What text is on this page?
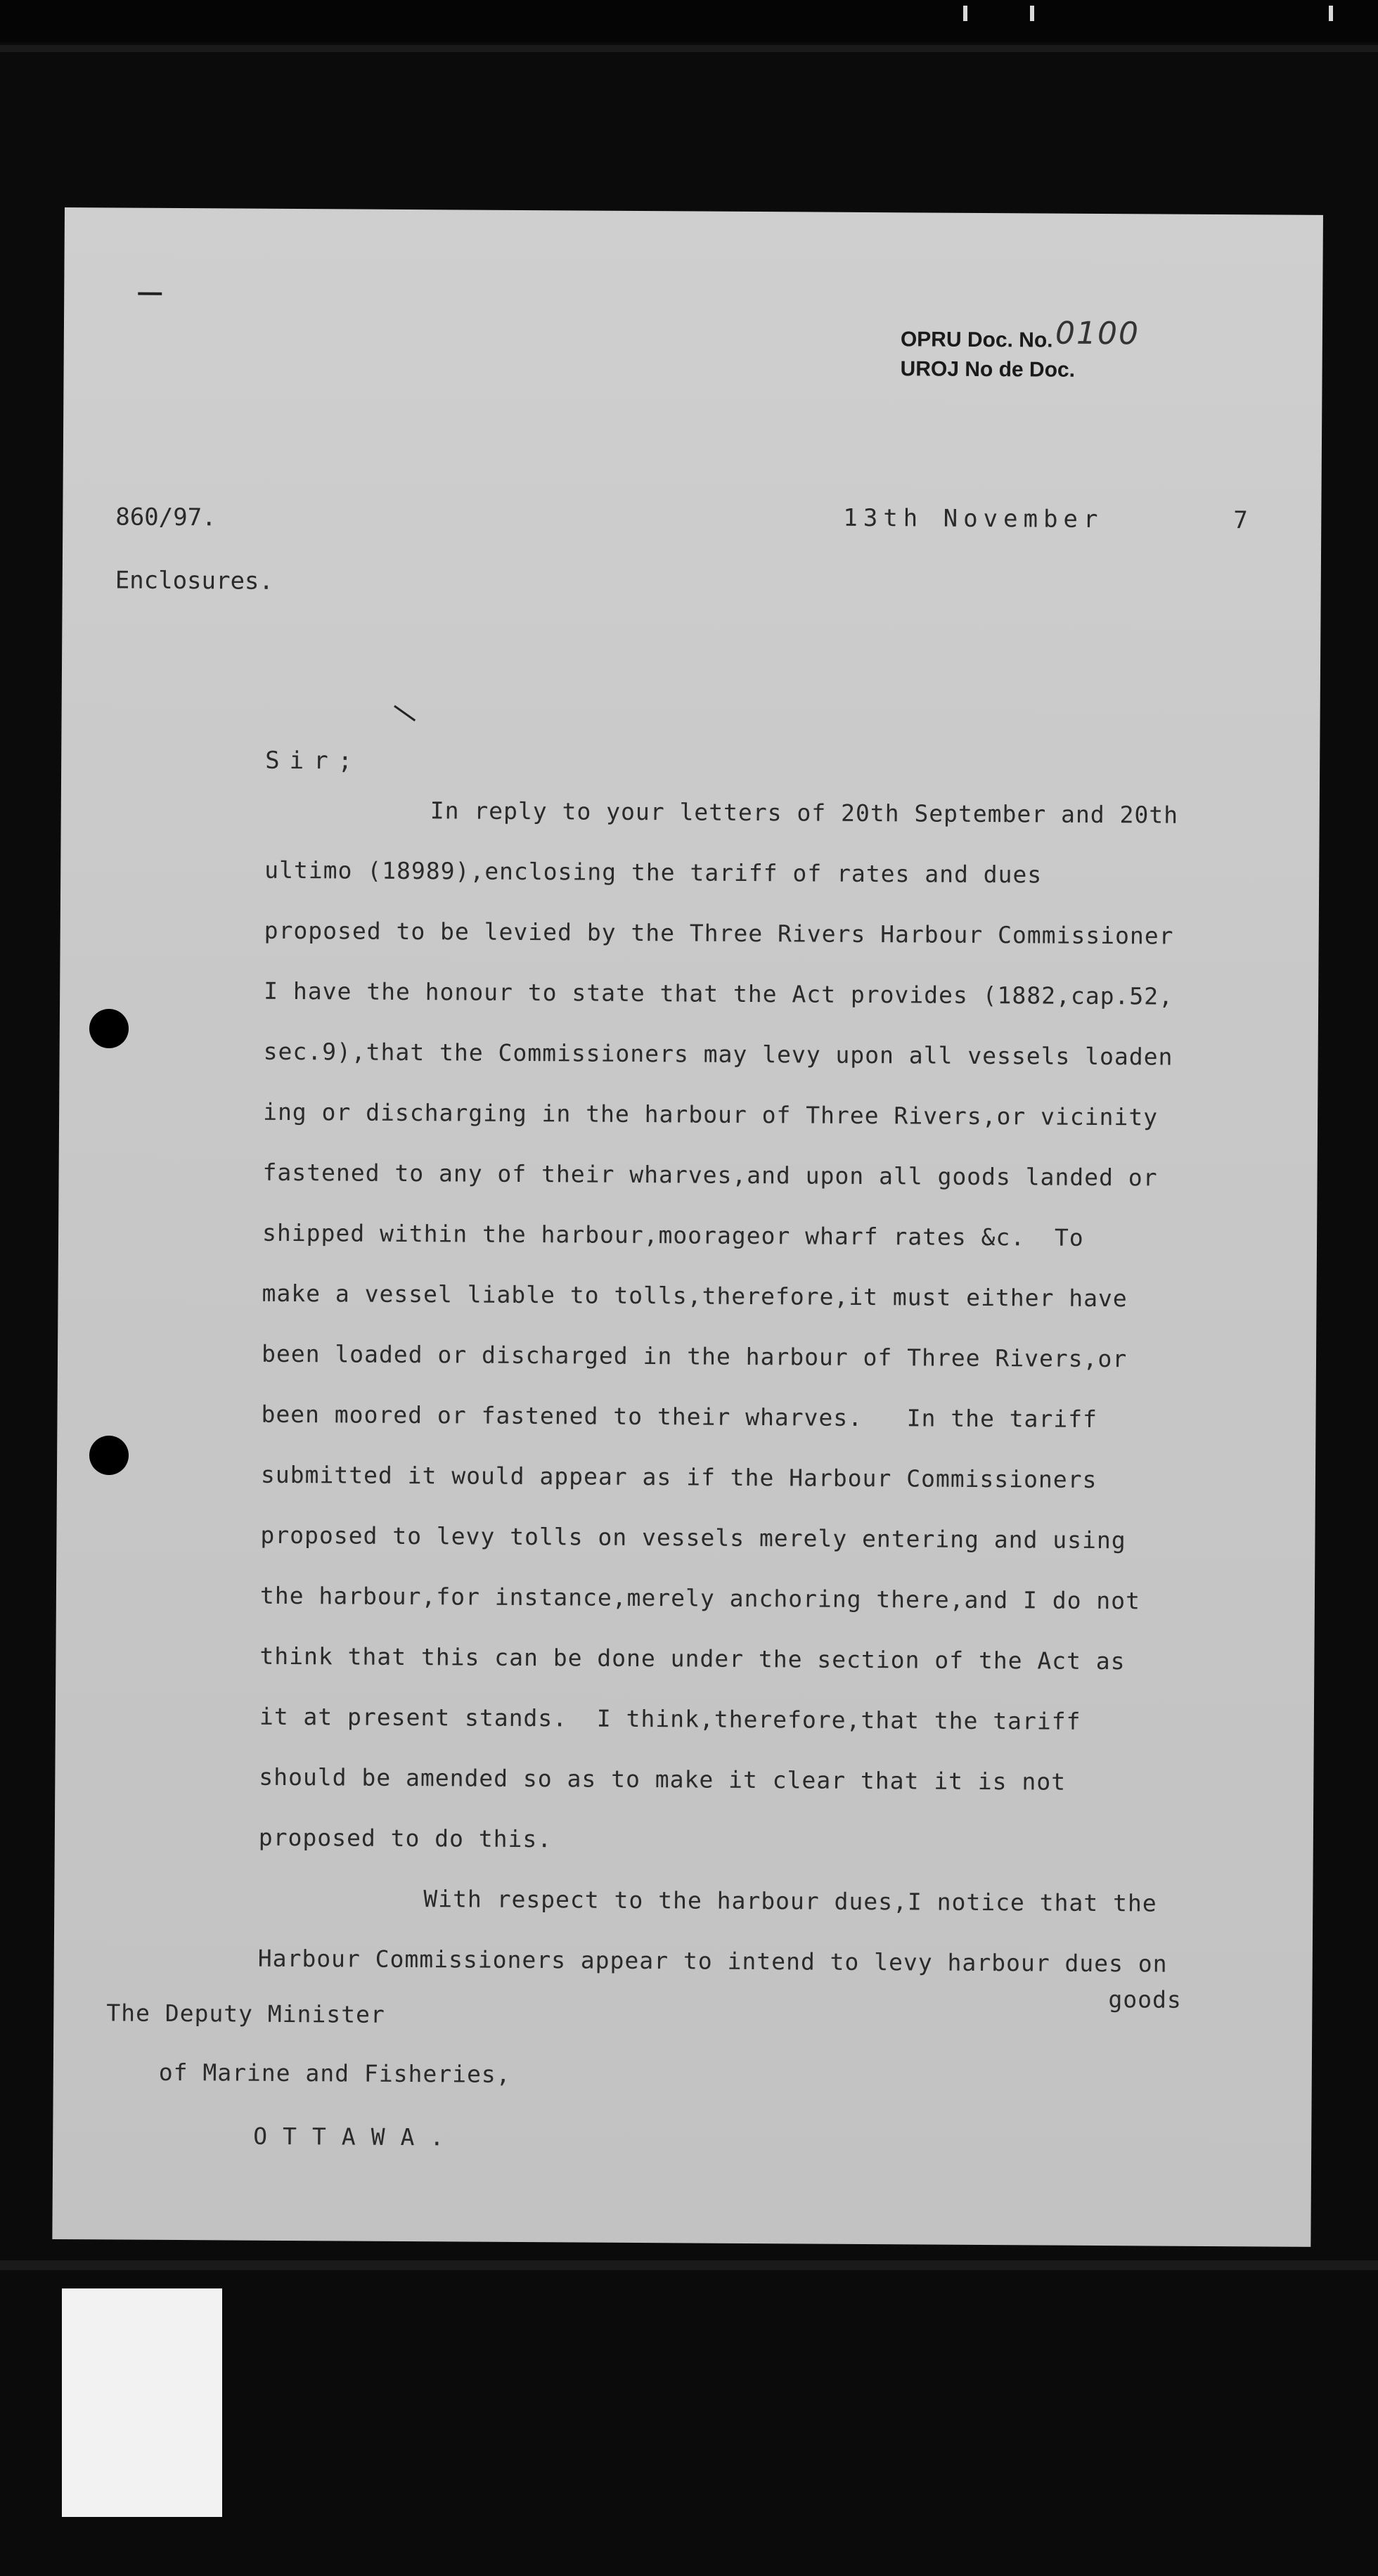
OPRU Doc. No.
UROJ No de Doc.
0100
860/97.	13th November	7
Enclosures.
Sir;
In reply to your letters of 20th September and 20th
ultimo (18989),enclosing the tariff of rates and dues
proposed to be levied by the Three Rivers Harbour Commissioner
I have the honour to state that the Act provides (1882,cap.52,
sec.9),that the Commissioners may levy upon all vessels loaden
ing or discharging in the harbour of Three Rivers,or vicinity
fastened to any of their wharves,and upon all goods landed or
shipped within the harbour,moorageor wharf rates &c.  To
make a vessel liable to tolls,therefore,it must either have
been loaded or discharged in the harbour of Three Rivers,or
been moored or fastened to their wharves.   In the tariff
submitted it would appear as if the Harbour Commissioners
proposed to levy tolls on vessels merely entering and using
the harbour,for instance,merely anchoring there,and I do not
think that this can be done under the section of the Act as
it at present stands.  I think,therefore,that the tariff
should be amended so as to make it clear that it is not
proposed to do this.
With respect to the harbour dues,I notice that the
Harbour Commissioners appear to intend to levy harbour dues on
goods
The Deputy Minister
of Marine and Fisheries,
OTTAWA.
